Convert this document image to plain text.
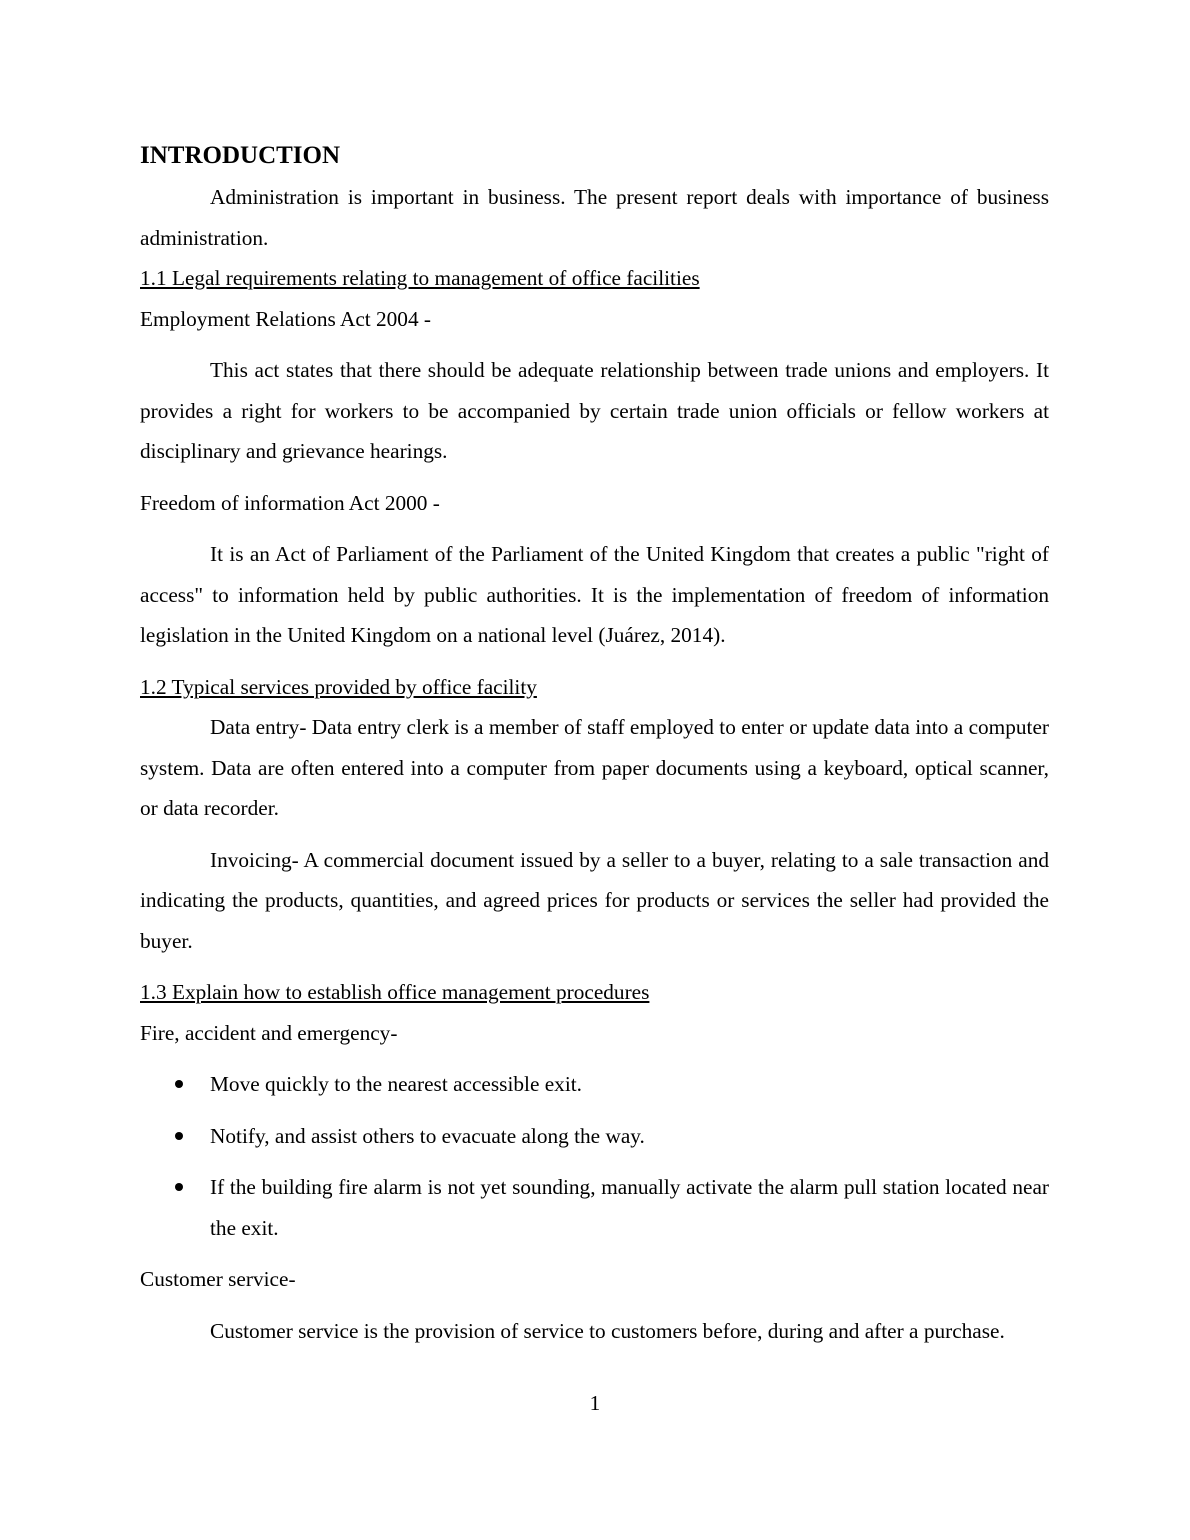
INTRODUCTION

Administration is important in business. The present report deals with importance of business administration.

1.1 Legal requirements relating to management of office facilities

Employment Relations Act 2004 -

This act states that there should be adequate relationship between trade unions and employers. It provides a right for workers to be accompanied by certain trade union officials or fellow workers at disciplinary and grievance hearings.

Freedom of information Act 2000 -

It is an Act of Parliament of the Parliament of the United Kingdom that creates a public "right of access" to information held by public authorities. It is the implementation of freedom of information legislation in the United Kingdom on a national level (Juárez, 2014).

1.2 Typical services provided by office facility

Data entry- Data entry clerk is a member of staff employed to enter or update data into a computer system. Data are often entered into a computer from paper documents using a keyboard, optical scanner, or data recorder.

Invoicing- A commercial document issued by a seller to a buyer, relating to a sale transaction and indicating the products, quantities, and agreed prices for products or services the seller had provided the buyer.

1.3 Explain how to establish office management procedures

Fire, accident and emergency-

Move quickly to the nearest accessible exit.
Notify, and assist others to evacuate along the way.
If the building fire alarm is not yet sounding, manually activate the alarm pull station located near the exit.

Customer service-

Customer service is the provision of service to customers before, during and after a purchase.

1
